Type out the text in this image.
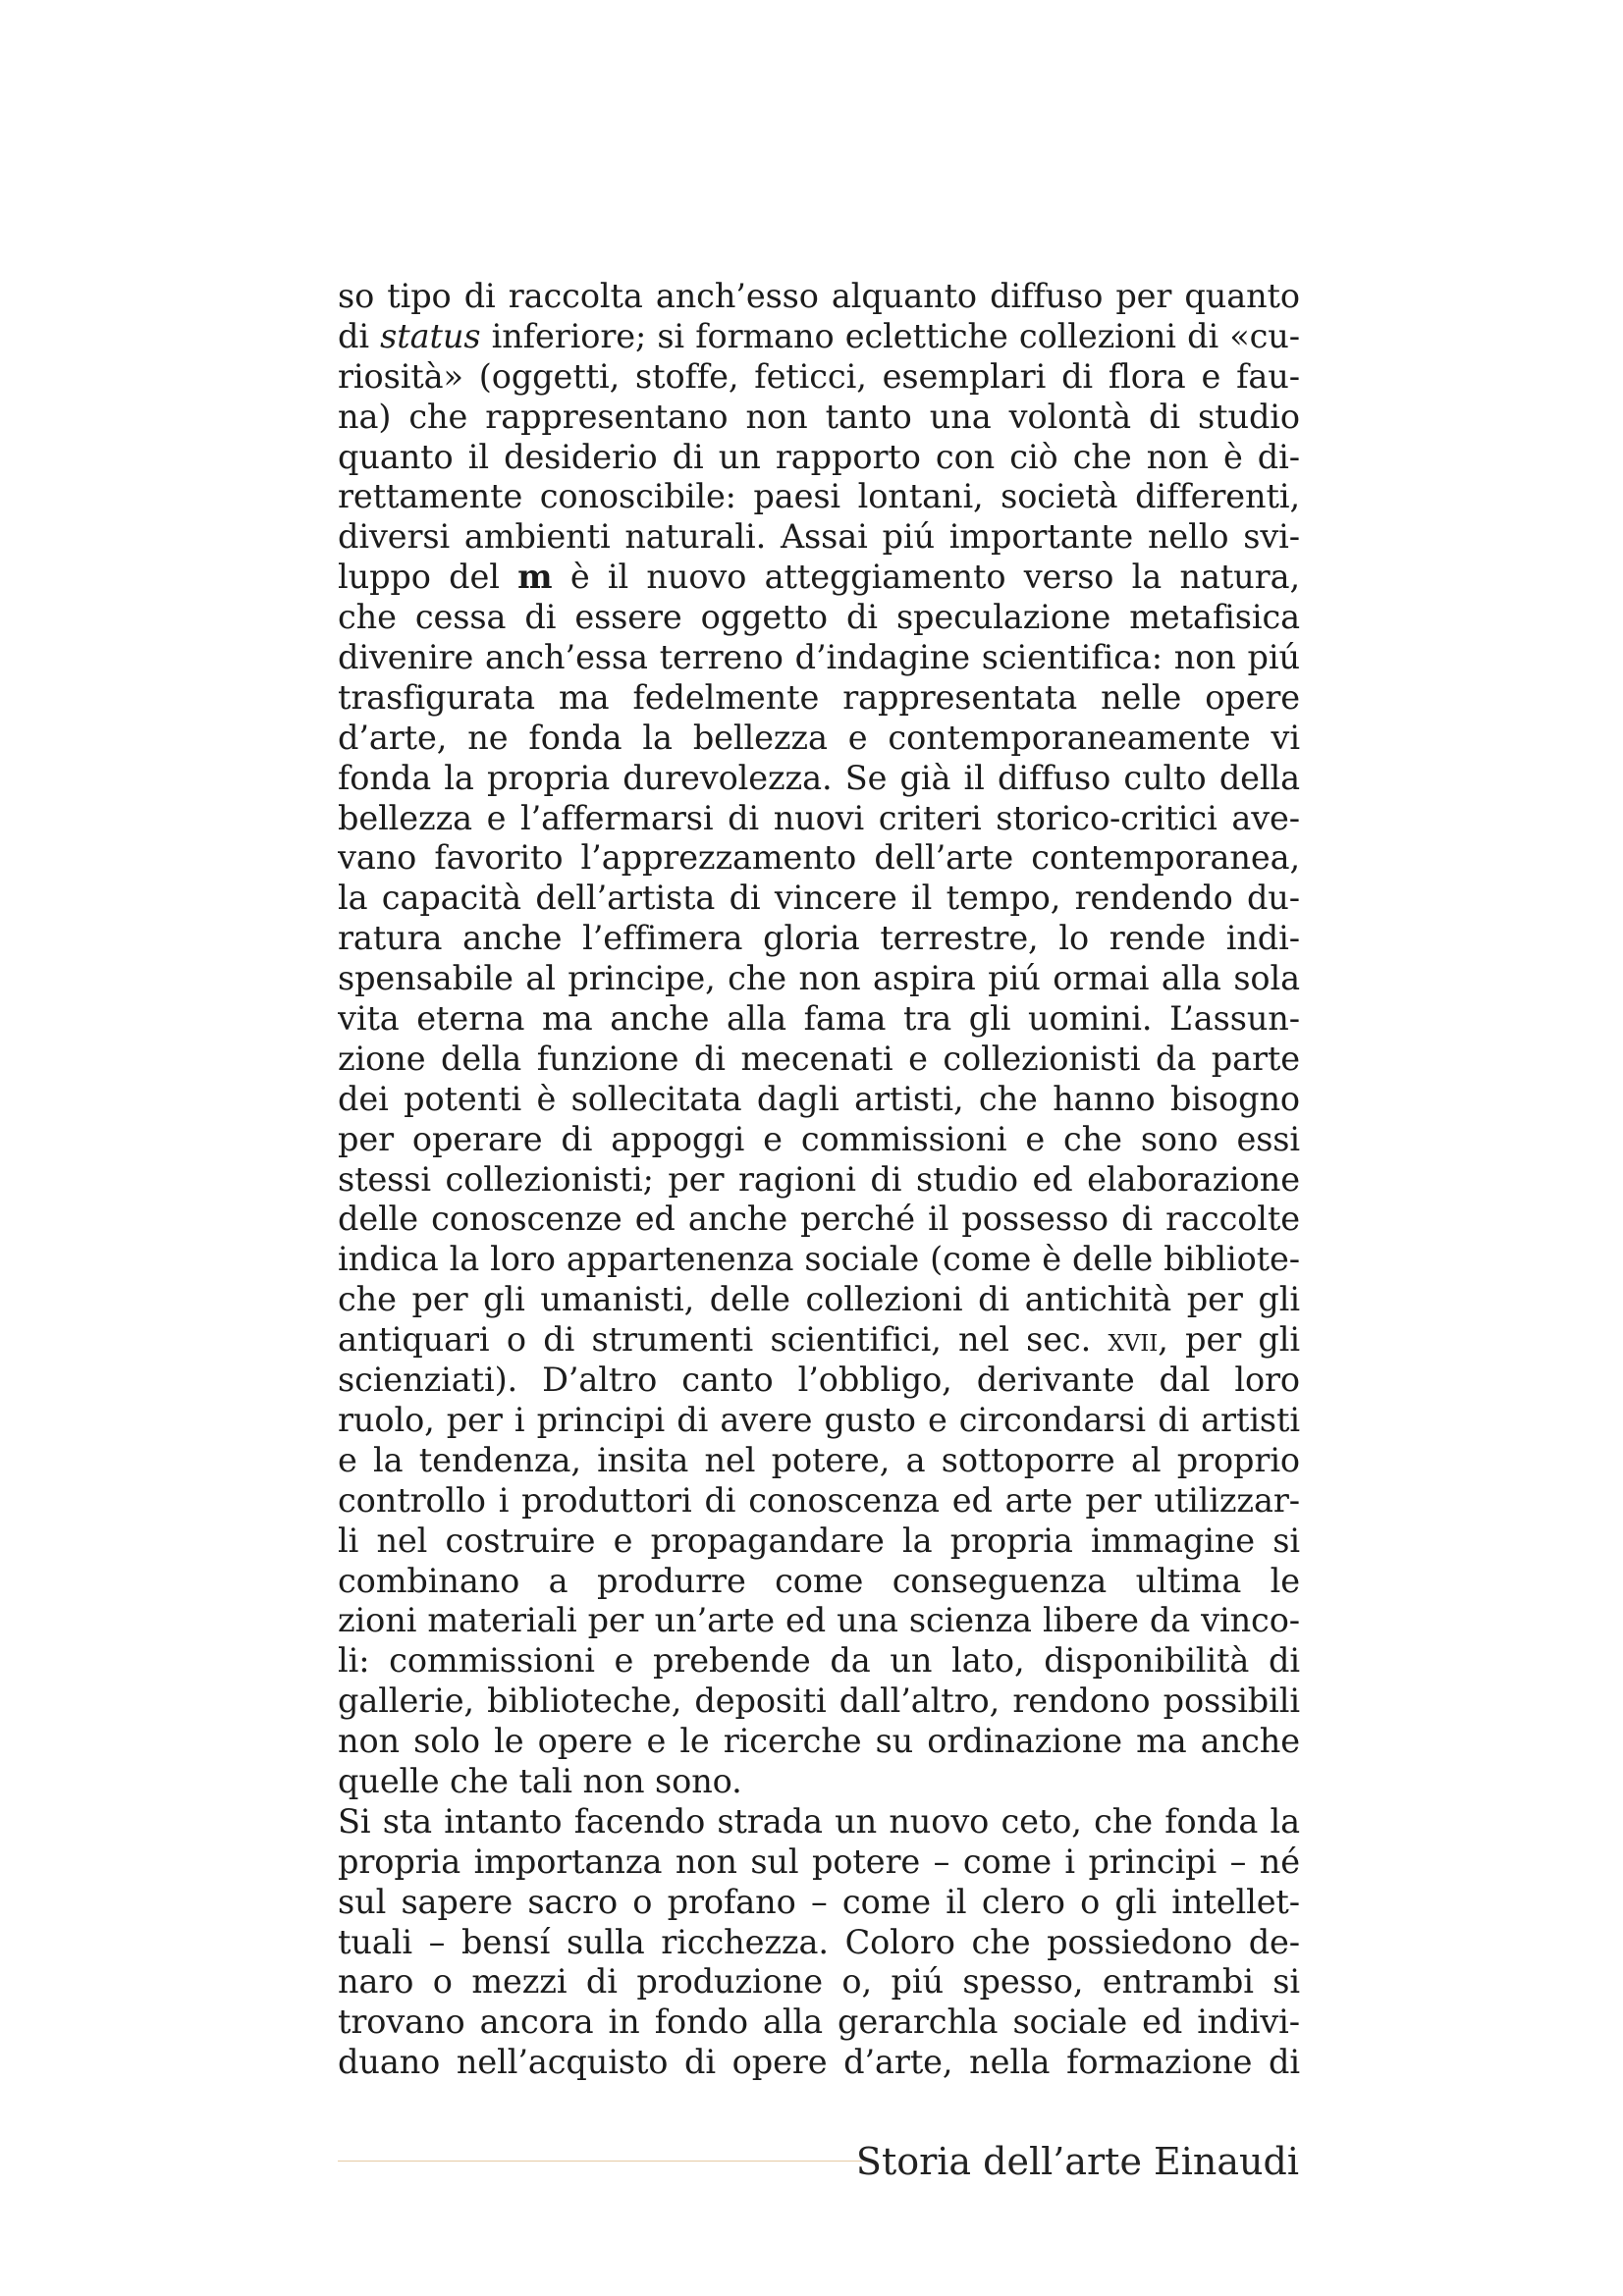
so tipo di raccolta anch’esso alquanto diffuso per quanto
di status inferiore; si formano eclettiche collezioni di «cu-
riosità» (oggetti, stoffe, feticci, esemplari di flora e fau-
na) che rappresentano non tanto una volontà di studio
quanto il desiderio di un rapporto con ciò che non è di-
rettamente conoscibile: paesi lontani, società differenti,
diversi ambienti naturali. Assai piú importante nello svi-
luppo del m è il nuovo atteggiamento verso la natura,
che cessa di essere oggetto di speculazione metafisica
divenire anch’essa terreno d’indagine scientifica: non piú
trasfigurata ma fedelmente rappresentata nelle opere
d’arte, ne fonda la bellezza e contemporaneamente vi
fonda la propria durevolezza. Se già il diffuso culto della
bellezza e l’affermarsi di nuovi criteri storico-critici ave-
vano favorito l’apprezzamento dell’arte contemporanea,
la capacità dell’artista di vincere il tempo, rendendo du-
ratura anche l’effimera gloria terrestre, lo rende indi-
spensabile al principe, che non aspira piú ormai alla sola
vita eterna ma anche alla fama tra gli uomini. L’assun-
zione della funzione di mecenati e collezionisti da parte
dei potenti è sollecitata dagli artisti, che hanno bisogno
per operare di appoggi e commissioni e che sono essi
stessi collezionisti; per ragioni di studio ed elaborazione
delle conoscenze ed anche perché il possesso di raccolte
indica la loro appartenenza sociale (come è delle bibliote-
che per gli umanisti, delle collezioni di antichità per gli
antiquari o di strumenti scientifici, nel sec. xvii, per gli
scienziati). D’altro canto l’obbligo, derivante dal loro
ruolo, per i principi di avere gusto e circondarsi di artisti
e la tendenza, insita nel potere, a sottoporre al proprio
controllo i produttori di conoscenza ed arte per utilizzar-
li nel costruire e propagandare la propria immagine si
combinano a produrre come conseguenza ultima le
zioni materiali per un’arte ed una scienza libere da vinco-
li: commissioni e prebende da un lato, disponibilità di
gallerie, biblioteche, depositi dall’altro, rendono possibili
non solo le opere e le ricerche su ordinazione ma anche
quelle che tali non sono.
Si sta intanto facendo strada un nuovo ceto, che fonda la
propria importanza non sul potere – come i principi – né
sul sapere sacro o profano – come il clero o gli intellet-
tuali – bensí sulla ricchezza. Coloro che possiedono de-
naro o mezzi di produzione o, piú spesso, entrambi si
trovano ancora in fondo alla gerarchla sociale ed indivi-
duano nell’acquisto di opere d’arte, nella formazione di
Storia dell’arte Einaudi
